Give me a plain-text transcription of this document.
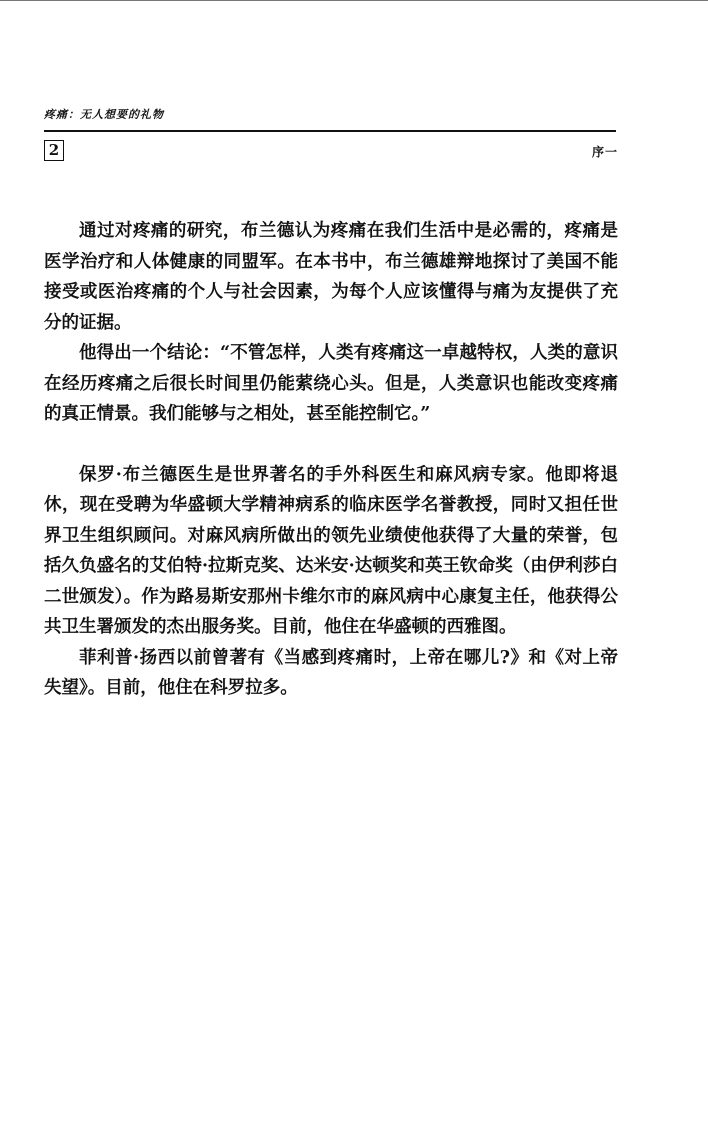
疼痛：无人想要的礼物
2	序一

通过对疼痛的研究，布兰德认为疼痛在我们生活中是必需的，疼痛是医学治疗和人体健康的同盟军。在本书中，布兰德雄辩地探讨了美国不能接受或医治疼痛的个人与社会因素，为每个人应该懂得与痛为友提供了充分的证据。

他得出一个结论：“不管怎样，人类有疼痛这一卓越特权，人类的意识在经历疼痛之后很长时间里仍能萦绕心头。但是，人类意识也能改变疼痛的真正情景。我们能够与之相处，甚至能控制它。”

保罗·布兰德医生是世界著名的手外科医生和麻风病专家。他即将退休，现在受聘为华盛顿大学精神病系的临床医学名誉教授，同时又担任世界卫生组织顾问。对麻风病所做出的领先业绩使他获得了大量的荣誉，包括久负盛名的艾伯特·拉斯克奖、达米安·达顿奖和英王钦命奖（由伊利莎白二世颁发）。作为路易斯安那州卡维尔市的麻风病中心康复主任，他获得公共卫生署颁发的杰出服务奖。目前，他住在华盛顿的西雅图。

菲利普·扬西以前曾著有《当感到疼痛时，上帝在哪儿?》和《对上帝失望》。目前，他住在科罗拉多。
